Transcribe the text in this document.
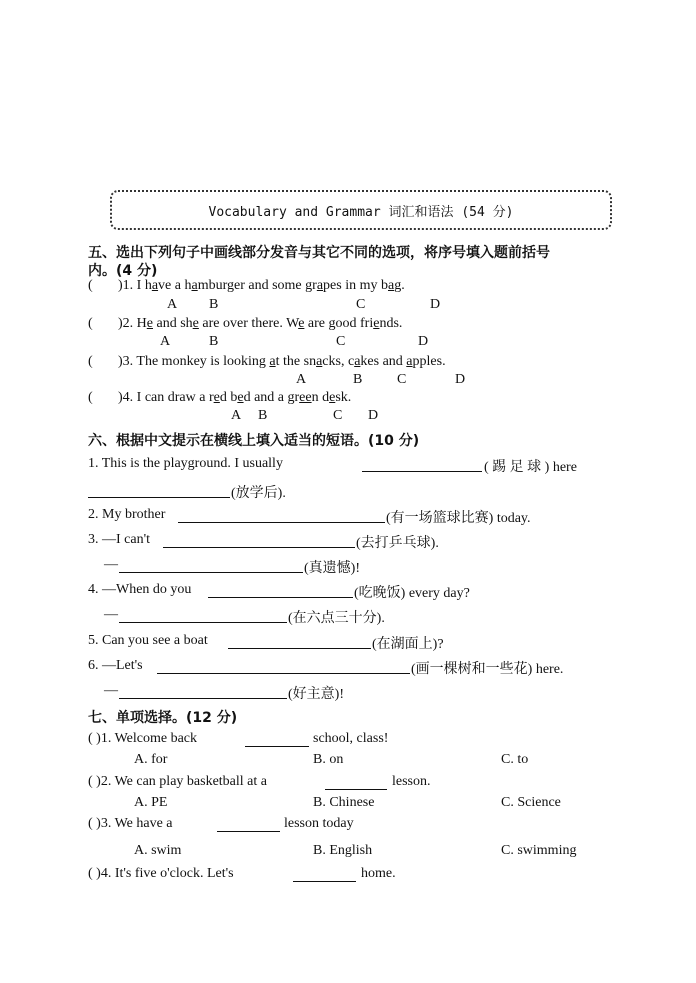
Vocabulary and Grammar 词汇和语法 (54 分)
五、选出下列句子中画线部分发音与其它不同的选项，将序号填入题前括号
内。(4 分)
( )1. I have a hamburger and some grapes in my bag.
A B	C	D
( )2. He and she are over there. We are good friends.
A	B	C	D
( )3. The monkey is looking at the snacks, cakes and apples.
A	B C	D
( )4. I can draw a red bed and a green desk.
A B	C D
六、根据中文提示在横线上填入适当的短语。(10 分)
1. This is the playground. I usually	( 踢 足 球 ) here
(放学后).
2. My brother	(有一场篮球比赛) today.
3. —I can't	(去打乒乓球).
—	(真遗憾)!
4. —When do you	(吃晚饭) every day?
—	(在六点三十分).
5. Can you see a boat	(在湖面上)?
6. —Let's	(画一棵树和一些花) here.
—	(好主意)!
七、单项选择。(12 分)
( )1. Welcome back	school, class!
A. for	B. on	C. to
( )2. We can play basketball at a	lesson.
A. PE	B. Chinese	C. Science
( )3. We have a	lesson today
A. swim	B. English	C. swimming
( )4. It's five o'clock. Let's	home.
